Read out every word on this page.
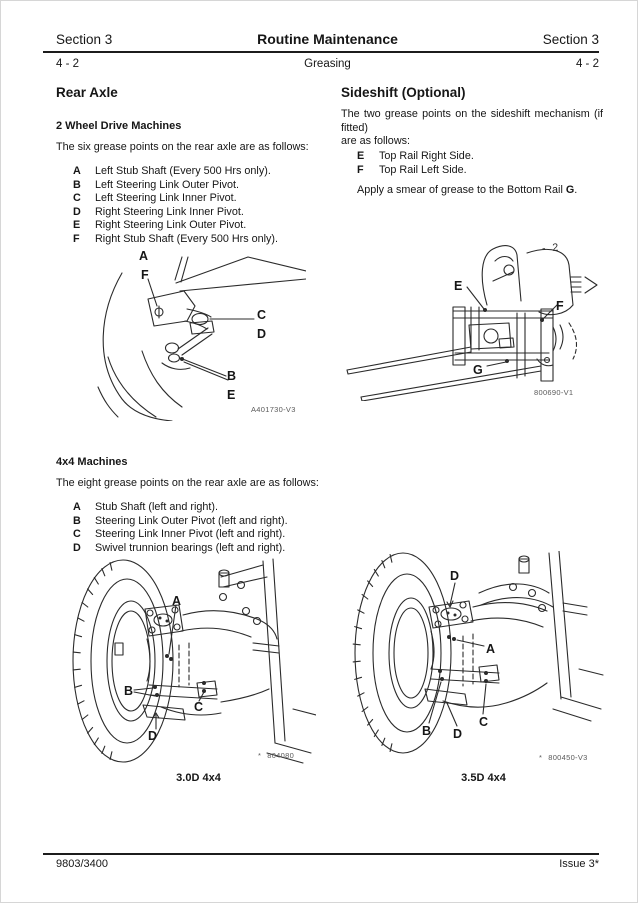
Section 3	Routine Maintenance	Section 3
4 - 2	Greasing	4 - 2
Rear Axle
2 Wheel Drive Machines
The six grease points on the rear axle are as follows:
A	Left Stub Shaft (Every 500 Hrs only).
B	Left Steering Link Outer Pivot.
C	Left Steering Link Inner Pivot.
D	Right Steering Link Inner Pivot.
E	Right Steering Link Outer Pivot.
F	Right Stub Shaft (Every 500 Hrs only).
A
F
C
D
B
E
A401730-V3
Sideshift (Optional)
The two grease points on the sideshift mechanism (if fitted)
are as follows:
E	Top Rail Right Side.
F	Top Rail Left Side.
Apply a smear of grease to the Bottom Rail G.
E
F
G
- 2
800690-V1
4x4 Machines
The eight grease points on the rear axle are as follows:
A	Stub Shaft (left and right).
B	Steering Link Outer Pivot (left and right).
C	Steering Link Inner Pivot (left and right).
D	Swivel trunnion bearings (left and right).
A
B
C
D
* 804080
3.0D 4x4
D
A
B
C
D
* 800450-V3
3.5D 4x4
9803/3400	Issue 3*
